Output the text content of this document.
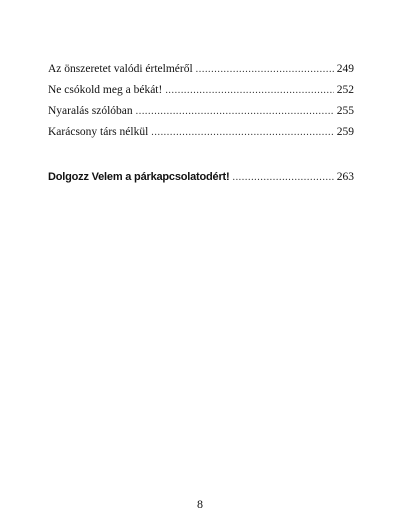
Az önszeretet valódi értelméről .....	249
Ne csókold meg a békát! .....	252
Nyaralás szólóban .....	255
Karácsony társ nélkül .....	259
Dolgozz Velem a párkapcsolatodért! .....	263
8
